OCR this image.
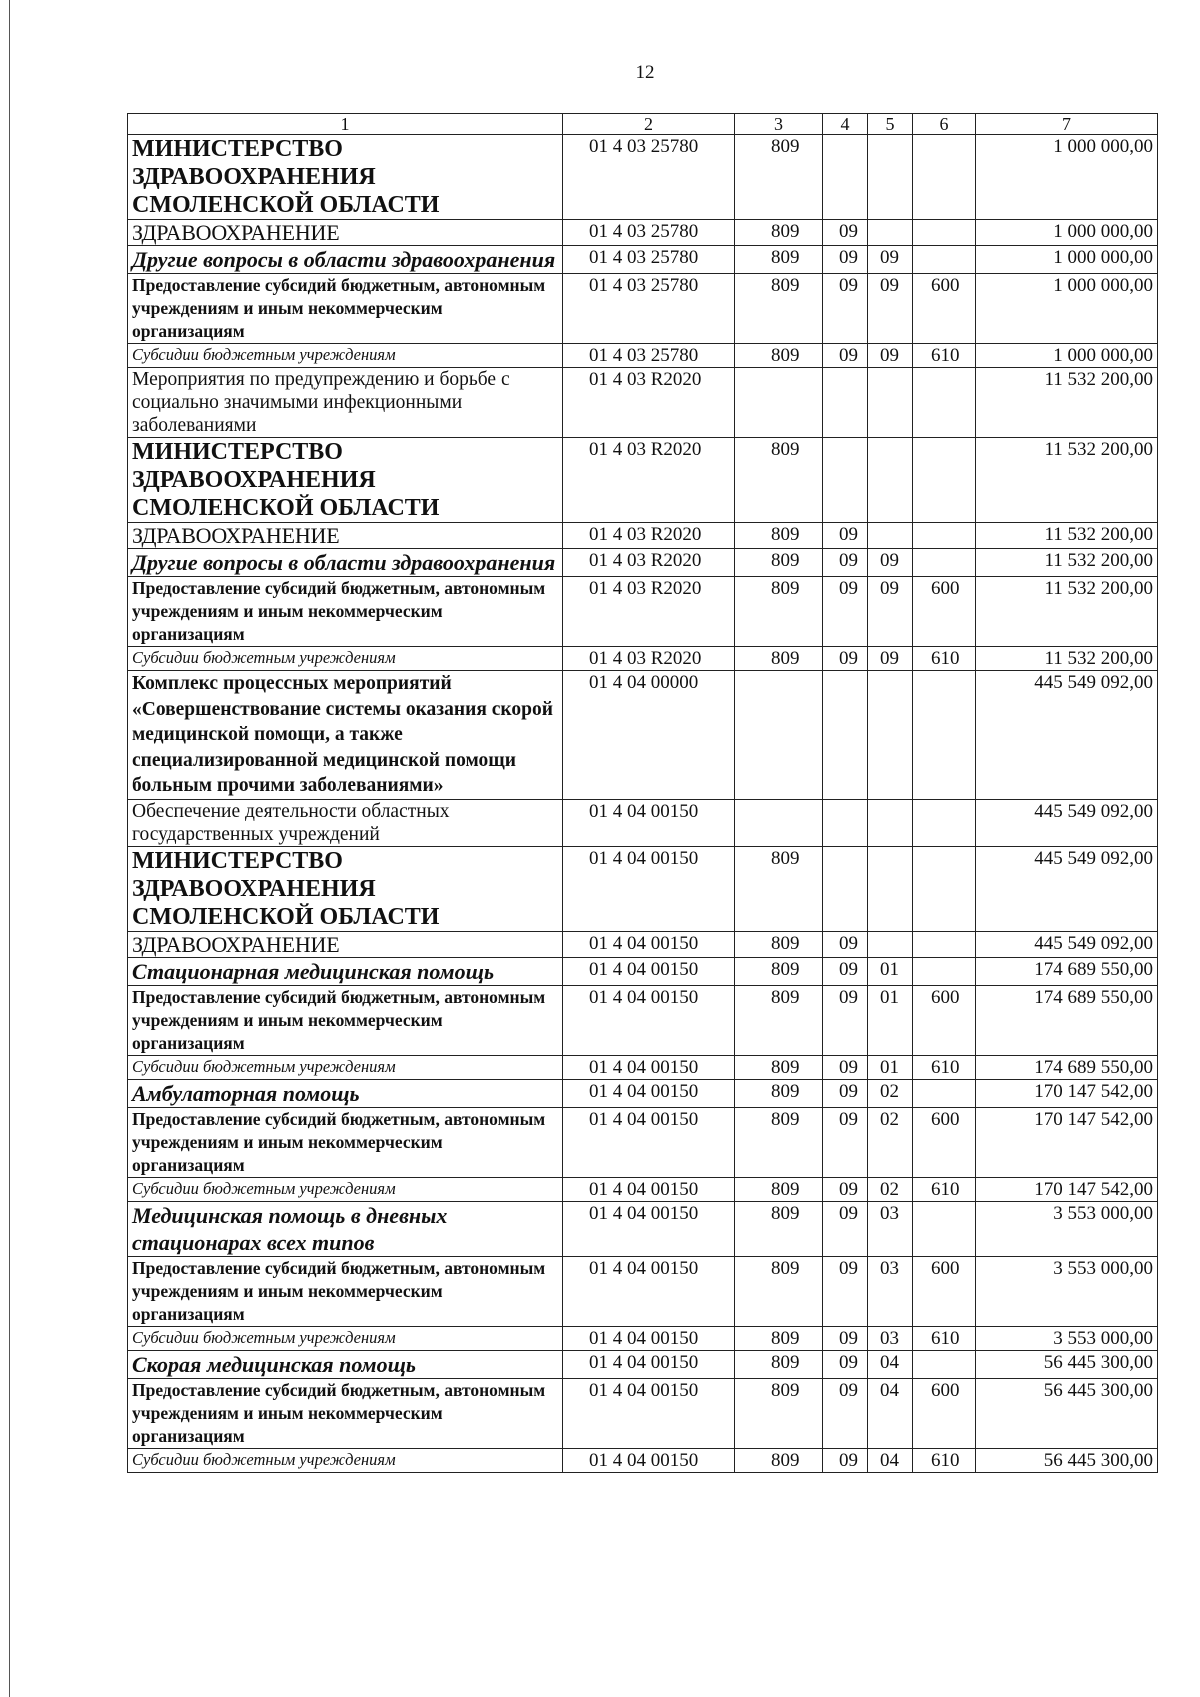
12
1	2	3	4	5	6	7
МИНИСТЕРСТВО ЗДРАВООХРАНЕНИЯ СМОЛЕНСКОЙ ОБЛАСТИ	01 4 03 25780	809				1 000 000,00
ЗДРАВООХРАНЕНИЕ	01 4 03 25780	809	09			1 000 000,00
Другие вопросы в области здравоохранения	01 4 03 25780	809	09	09		1 000 000,00
Предоставление субсидий бюджетным, автономным учреждениям и иным некоммерческим организациям	01 4 03 25780	809	09	09	600	1 000 000,00
Субсидии бюджетным учреждениям	01 4 03 25780	809	09	09	610	1 000 000,00
Мероприятия по предупреждению и борьбе с социально значимыми инфекционными заболеваниями	01 4 03 R2020					11 532 200,00
МИНИСТЕРСТВО ЗДРАВООХРАНЕНИЯ СМОЛЕНСКОЙ ОБЛАСТИ	01 4 03 R2020	809				11 532 200,00
ЗДРАВООХРАНЕНИЕ	01 4 03 R2020	809	09			11 532 200,00
Другие вопросы в области здравоохранения	01 4 03 R2020	809	09	09		11 532 200,00
Предоставление субсидий бюджетным, автономным учреждениям и иным некоммерческим организациям	01 4 03 R2020	809	09	09	600	11 532 200,00
Субсидии бюджетным учреждениям	01 4 03 R2020	809	09	09	610	11 532 200,00
Комплекс процессных мероприятий «Совершенствование системы оказания скорой медицинской помощи, а также специализированной медицинской помощи больным прочими заболеваниями»	01 4 04 00000					445 549 092,00
Обеспечение деятельности областных государственных учреждений	01 4 04 00150					445 549 092,00
МИНИСТЕРСТВО ЗДРАВООХРАНЕНИЯ СМОЛЕНСКОЙ ОБЛАСТИ	01 4 04 00150	809				445 549 092,00
ЗДРАВООХРАНЕНИЕ	01 4 04 00150	809	09			445 549 092,00
Стационарная медицинская помощь	01 4 04 00150	809	09	01		174 689 550,00
Предоставление субсидий бюджетным, автономным учреждениям и иным некоммерческим организациям	01 4 04 00150	809	09	01	600	174 689 550,00
Субсидии бюджетным учреждениям	01 4 04 00150	809	09	01	610	174 689 550,00
Амбулаторная помощь	01 4 04 00150	809	09	02		170 147 542,00
Предоставление субсидий бюджетным, автономным учреждениям и иным некоммерческим организациям	01 4 04 00150	809	09	02	600	170 147 542,00
Субсидии бюджетным учреждениям	01 4 04 00150	809	09	02	610	170 147 542,00
Медицинская помощь в дневных стационарах всех типов	01 4 04 00150	809	09	03		3 553 000,00
Предоставление субсидий бюджетным, автономным учреждениям и иным некоммерческим организациям	01 4 04 00150	809	09	03	600	3 553 000,00
Субсидии бюджетным учреждениям	01 4 04 00150	809	09	03	610	3 553 000,00
Скорая медицинская помощь	01 4 04 00150	809	09	04		56 445 300,00
Предоставление субсидий бюджетным, автономным учреждениям и иным некоммерческим организациям	01 4 04 00150	809	09	04	600	56 445 300,00
Субсидии бюджетным учреждениям	01 4 04 00150	809	09	04	610	56 445 300,00
